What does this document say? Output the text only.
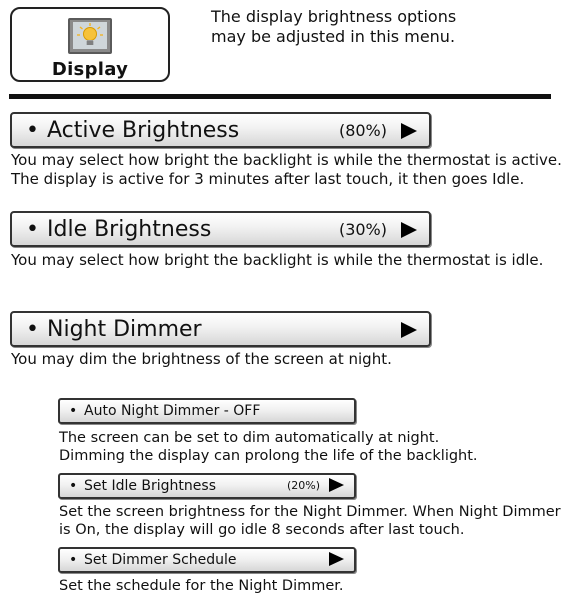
Display
The display brightness options
may be adjusted in this menu.
• Active Brightness	(80%)
You may select how bright the backlight is while the thermostat is active.
The display is active for 3 minutes after last touch, it then goes Idle.
• Idle Brightness	(30%)
You may select how bright the backlight is while the thermostat is idle.
• Night Dimmer
You may dim the brightness of the screen at night.
• Auto Night Dimmer - OFF
The screen can be set to dim automatically at night.
Dimming the display can prolong the life of the backlight.
• Set Idle Brightness	(20%)
Set the screen brightness for the Night Dimmer. When Night Dimmer
is On, the display will go idle 8 seconds after last touch.
• Set Dimmer Schedule
Set the schedule for the Night Dimmer.
